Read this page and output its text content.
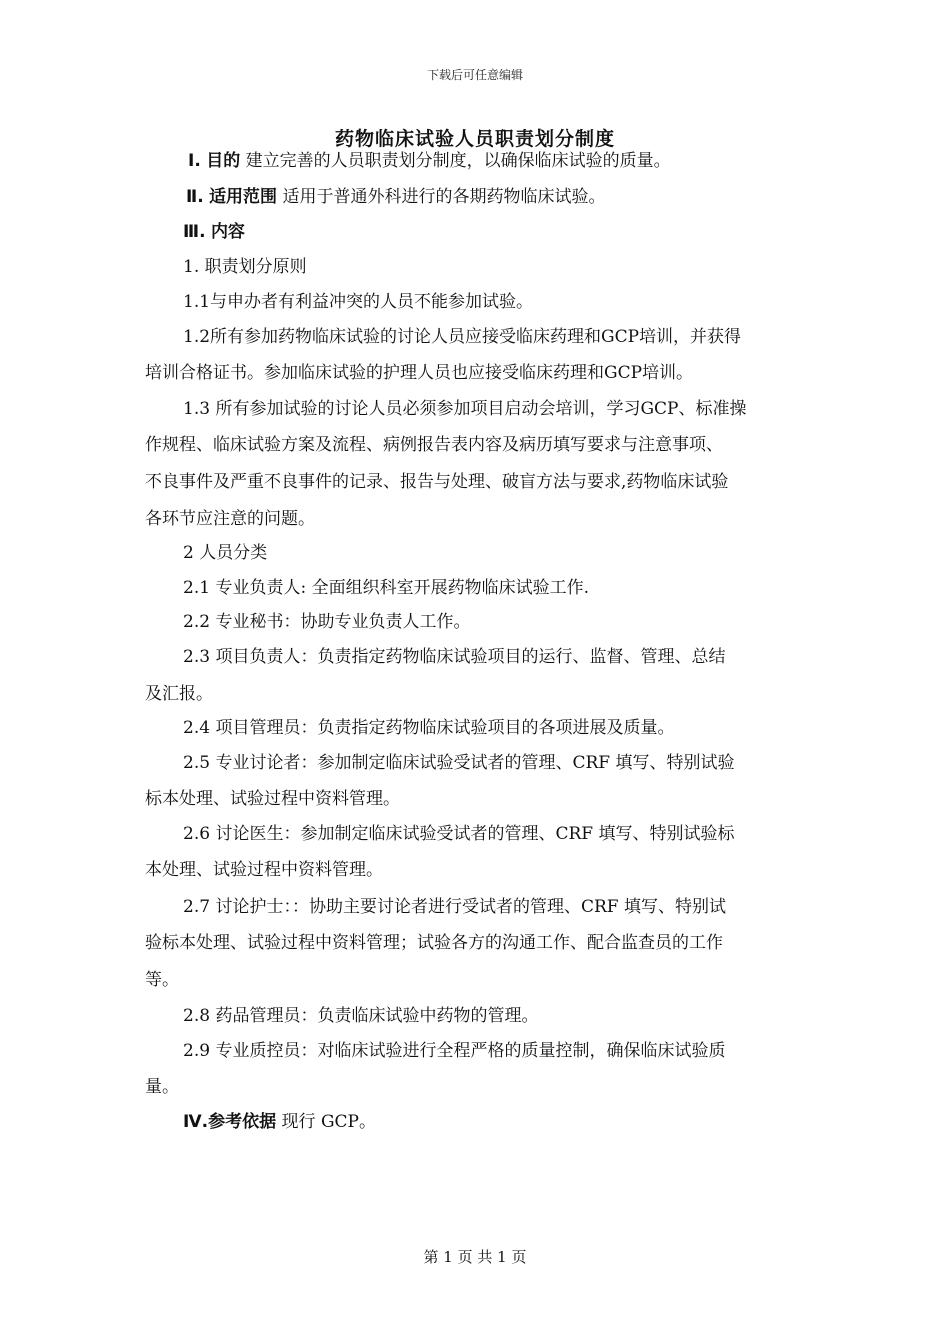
下载后可任意编辑
药物临床试验人员职责划分制度
Ⅰ. 目的 建立完善的人员职责划分制度，以确保临床试验的质量。
Ⅱ. 适用范围 适用于普通外科进行的各期药物临床试验。
Ⅲ. 内容
1. 职责划分原则
1.1与申办者有利益冲突的人员不能参加试验。
1.2所有参加药物临床试验的讨论人员应接受临床药理和GCP培训，并获得
培训合格证书。参加临床试验的护理人员也应接受临床药理和GCP培训。
1.3 所有参加试验的讨论人员必须参加项目启动会培训，学习GCP、标准操
作规程、临床试验方案及流程、病例报告表内容及病历填写要求与注意事项、
不良事件及严重不良事件的记录、报告与处理、破盲方法与要求,药物临床试验
各环节应注意的问题。
2 人员分类
2.1 专业负责人: 全面组织科室开展药物临床试验工作.
2.2 专业秘书：协助专业负责人工作。
2.3 项目负责人：负责指定药物临床试验项目的运行、监督、管理、总结
及汇报。
2.4 项目管理员：负责指定药物临床试验项目的各项进展及质量。
2.5 专业讨论者：参加制定临床试验受试者的管理、CRF 填写、特别试验
标本处理、试验过程中资料管理。
2.6 讨论医生：参加制定临床试验受试者的管理、CRF 填写、特别试验标
本处理、试验过程中资料管理。
2.7 讨论护士：：协助主要讨论者进行受试者的管理、CRF 填写、特别试
验标本处理、试验过程中资料管理；试验各方的沟通工作、配合监查员的工作
等。
2.8 药品管理员：负责临床试验中药物的管理。
2.9 专业质控员：对临床试验进行全程严格的质量控制，确保临床试验质
量。
Ⅳ.参考依据 现行 GCP。
第 1 页 共 1 页
